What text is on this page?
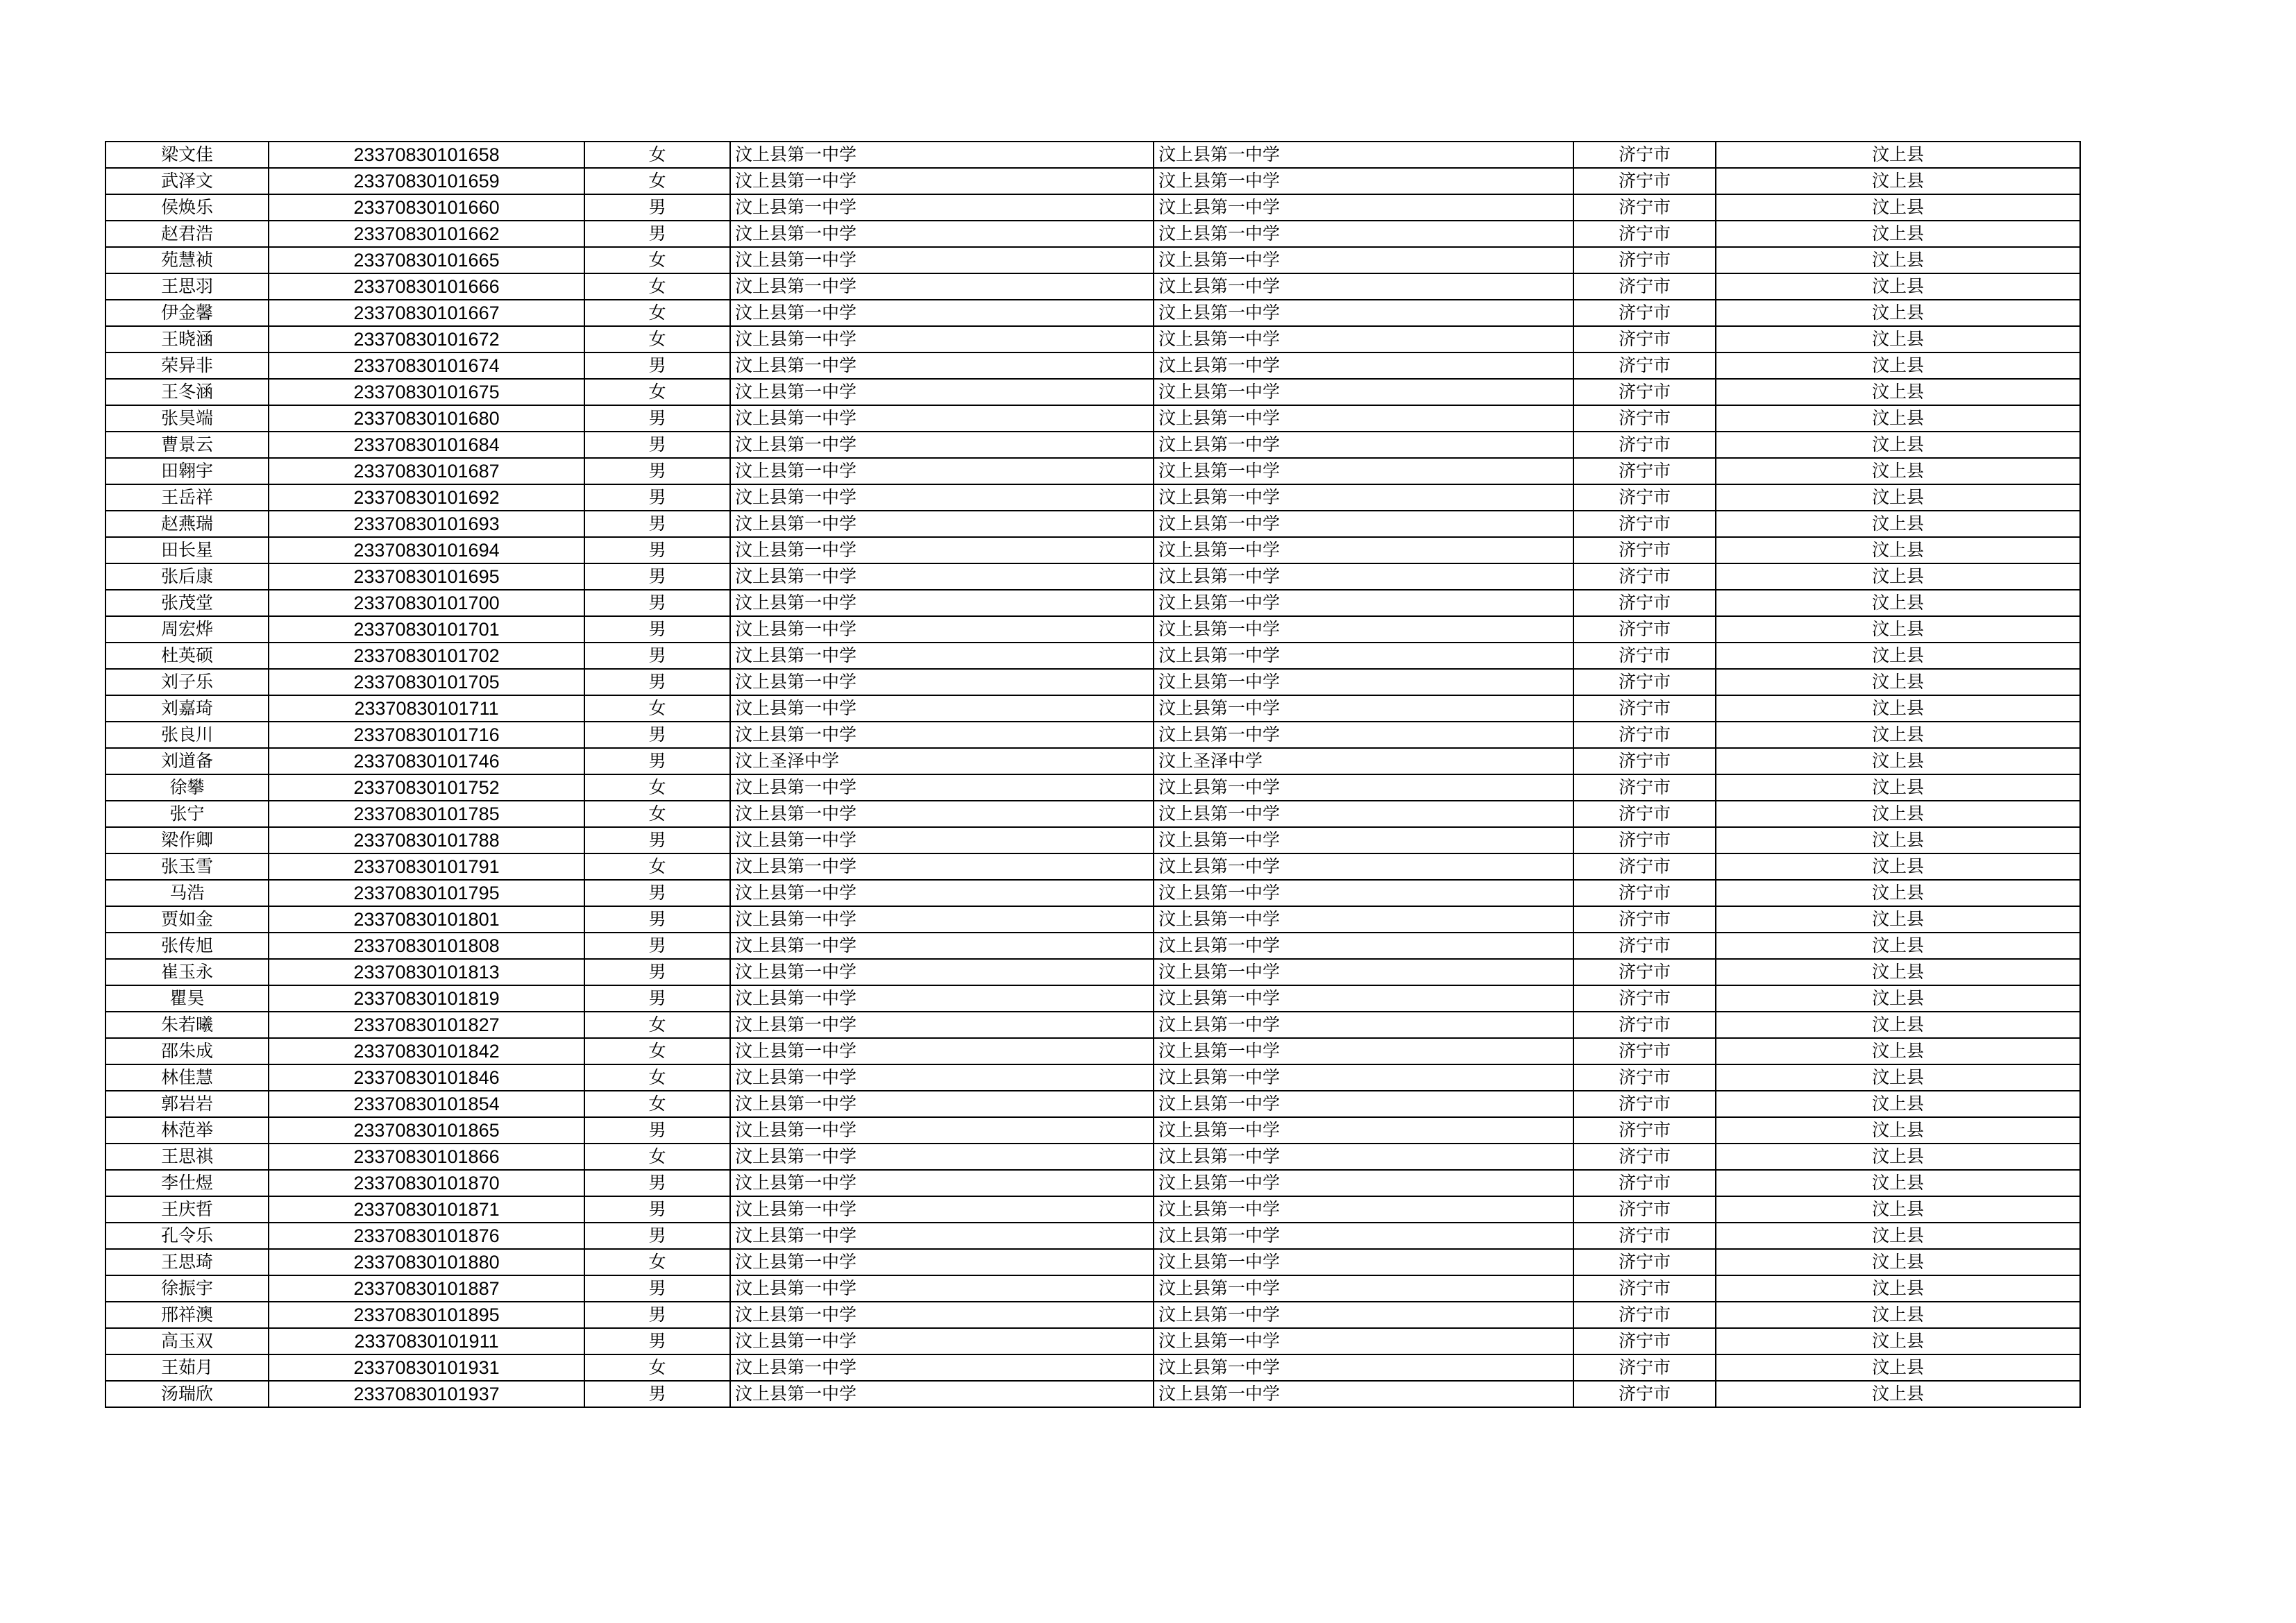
梁文佳	23370830101658	女	汶上县第一中学	汶上县第一中学	济宁市	汶上县
武泽文	23370830101659	女	汶上县第一中学	汶上县第一中学	济宁市	汶上县
侯焕乐	23370830101660	男	汶上县第一中学	汶上县第一中学	济宁市	汶上县
赵君浩	23370830101662	男	汶上县第一中学	汶上县第一中学	济宁市	汶上县
苑慧祯	23370830101665	女	汶上县第一中学	汶上县第一中学	济宁市	汶上县
王思羽	23370830101666	女	汶上县第一中学	汶上县第一中学	济宁市	汶上县
伊金馨	23370830101667	女	汶上县第一中学	汶上县第一中学	济宁市	汶上县
王晓涵	23370830101672	女	汶上县第一中学	汶上县第一中学	济宁市	汶上县
荣异非	23370830101674	男	汶上县第一中学	汶上县第一中学	济宁市	汶上县
王冬涵	23370830101675	女	汶上县第一中学	汶上县第一中学	济宁市	汶上县
张昊端	23370830101680	男	汶上县第一中学	汶上县第一中学	济宁市	汶上县
曹景云	23370830101684	男	汶上县第一中学	汶上县第一中学	济宁市	汶上县
田翱宇	23370830101687	男	汶上县第一中学	汶上县第一中学	济宁市	汶上县
王岳祥	23370830101692	男	汶上县第一中学	汶上县第一中学	济宁市	汶上县
赵燕瑞	23370830101693	男	汶上县第一中学	汶上县第一中学	济宁市	汶上县
田长星	23370830101694	男	汶上县第一中学	汶上县第一中学	济宁市	汶上县
张后康	23370830101695	男	汶上县第一中学	汶上县第一中学	济宁市	汶上县
张茂堂	23370830101700	男	汶上县第一中学	汶上县第一中学	济宁市	汶上县
周宏烨	23370830101701	男	汶上县第一中学	汶上县第一中学	济宁市	汶上县
杜英硕	23370830101702	男	汶上县第一中学	汶上县第一中学	济宁市	汶上县
刘子乐	23370830101705	男	汶上县第一中学	汶上县第一中学	济宁市	汶上县
刘嘉琦	23370830101711	女	汶上县第一中学	汶上县第一中学	济宁市	汶上县
张良川	23370830101716	男	汶上县第一中学	汶上县第一中学	济宁市	汶上县
刘道备	23370830101746	男	汶上圣泽中学	汶上圣泽中学	济宁市	汶上县
徐攀	23370830101752	女	汶上县第一中学	汶上县第一中学	济宁市	汶上县
张宁	23370830101785	女	汶上县第一中学	汶上县第一中学	济宁市	汶上县
梁作卿	23370830101788	男	汶上县第一中学	汶上县第一中学	济宁市	汶上县
张玉雪	23370830101791	女	汶上县第一中学	汶上县第一中学	济宁市	汶上县
马浩	23370830101795	男	汶上县第一中学	汶上县第一中学	济宁市	汶上县
贾如金	23370830101801	男	汶上县第一中学	汶上县第一中学	济宁市	汶上县
张传旭	23370830101808	男	汶上县第一中学	汶上县第一中学	济宁市	汶上县
崔玉永	23370830101813	男	汶上县第一中学	汶上县第一中学	济宁市	汶上县
瞿昊	23370830101819	男	汶上县第一中学	汶上县第一中学	济宁市	汶上县
朱若曦	23370830101827	女	汶上县第一中学	汶上县第一中学	济宁市	汶上县
邵朱成	23370830101842	女	汶上县第一中学	汶上县第一中学	济宁市	汶上县
林佳慧	23370830101846	女	汶上县第一中学	汶上县第一中学	济宁市	汶上县
郭岩岩	23370830101854	女	汶上县第一中学	汶上县第一中学	济宁市	汶上县
林范举	23370830101865	男	汶上县第一中学	汶上县第一中学	济宁市	汶上县
王思祺	23370830101866	女	汶上县第一中学	汶上县第一中学	济宁市	汶上县
李仕煜	23370830101870	男	汶上县第一中学	汶上县第一中学	济宁市	汶上县
王庆哲	23370830101871	男	汶上县第一中学	汶上县第一中学	济宁市	汶上县
孔令乐	23370830101876	男	汶上县第一中学	汶上县第一中学	济宁市	汶上县
王思琦	23370830101880	女	汶上县第一中学	汶上县第一中学	济宁市	汶上县
徐振宇	23370830101887	男	汶上县第一中学	汶上县第一中学	济宁市	汶上县
邢祥澳	23370830101895	男	汶上县第一中学	汶上县第一中学	济宁市	汶上县
高玉双	23370830101911	男	汶上县第一中学	汶上县第一中学	济宁市	汶上县
王茹月	23370830101931	女	汶上县第一中学	汶上县第一中学	济宁市	汶上县
汤瑞欣	23370830101937	男	汶上县第一中学	汶上县第一中学	济宁市	汶上县
